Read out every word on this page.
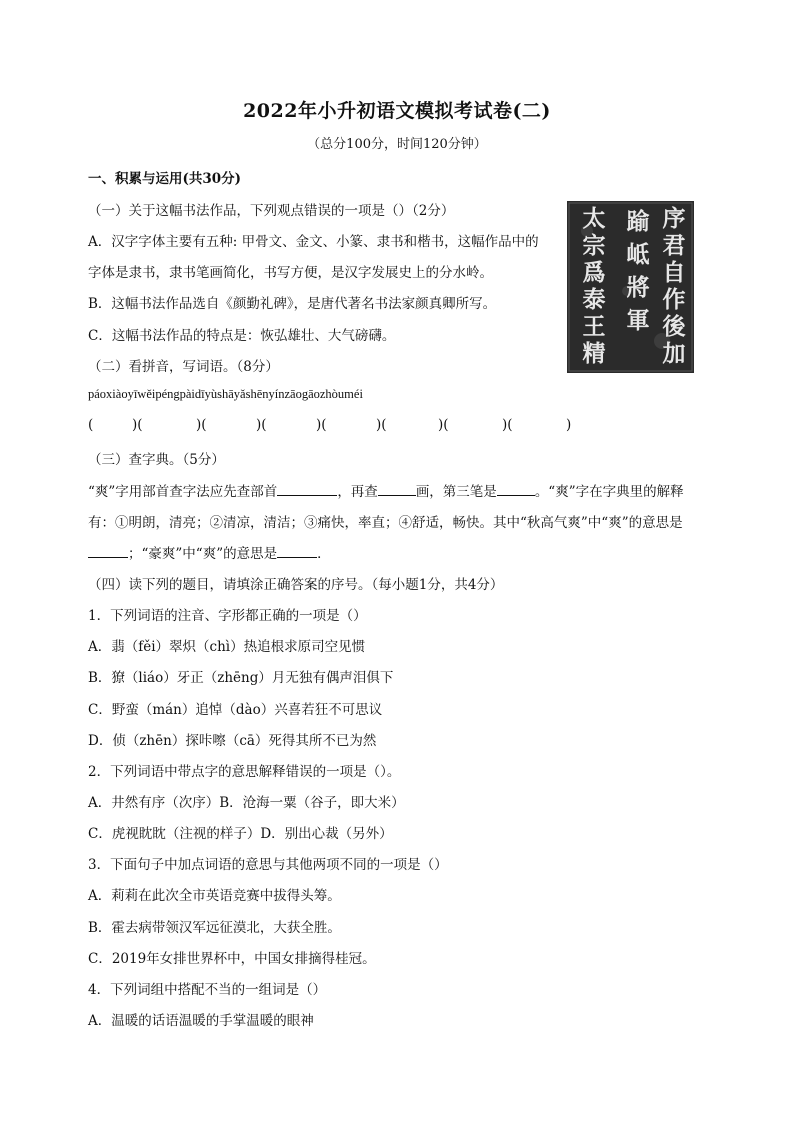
2022年小升初语文模拟考试卷(二)
（总分100分，时间120分钟）
一、积累与运用(共30分)
（一）关于这幅书法作品，下列观点错误的一项是（）（2分）
A．汉字字体主要有五种: 甲骨文、金文、小篆、隶书和楷书，这幅作品中的
字体是隶书，隶书笔画简化，书写方便，是汉字发展史上的分水岭。
B．这幅书法作品选自《颜勤礼碑》，是唐代著名书法家颜真卿所写。
C．这幅书法作品的特点是：恢弘雄壮、大气磅礴。
序
君
自
作
後
加
踰
岻
將
軍
太
宗
爲
泰
王
精
（二）看拼音，写词语。（8分）
páoxiàoyīwěipéngpàidīyùshāyǎshēnyínzāogāozhòuméi
(	)(	)(	)(	)(	)(	)(	)(	)
（三）查字典。（5分）
“爽”字用部首查字法应先查部首	，再查	画，第三笔是	。“爽”字在字典里的解释
有：①明朗，清亮；②清凉，清洁；③痛快，率直；④舒适，畅快。其中“秋高气爽”中“爽”的意思是
；“豪爽”中“爽”的意思是	．
（四）读下列的题目，请填涂正确答案的序号。（每小题1分，共4分）
1．下列词语的注音、字形都正确的一项是（）
A．翡（fěi）翠炽（chì）热追根求原司空见惯
B．獠（liáo）牙正（zhēng）月无独有偶声泪俱下
C．野蛮（mán）追悼（dào）兴喜若狂不可思议
D．侦（zhēn）探咔嚓（cā）死得其所不已为然
2．下列词语中带点字的意思解释错误的一项是（）。
A．井然有序（次序）B．沧海一粟（谷子，即大米）
C．虎视眈眈（注视的样子）D．别出心裁（另外）
3．下面句子中加点词语的意思与其他两项不同的一项是（）
A．莉莉在此次全市英语竞赛中拔得头筹。
B．霍去病带领汉军远征漠北，大获全胜。
C．2019年女排世界杯中，中国女排摘得桂冠。
4．下列词组中搭配不当的一组词是（）
A．温暖的话语温暖的手掌温暖的眼神
